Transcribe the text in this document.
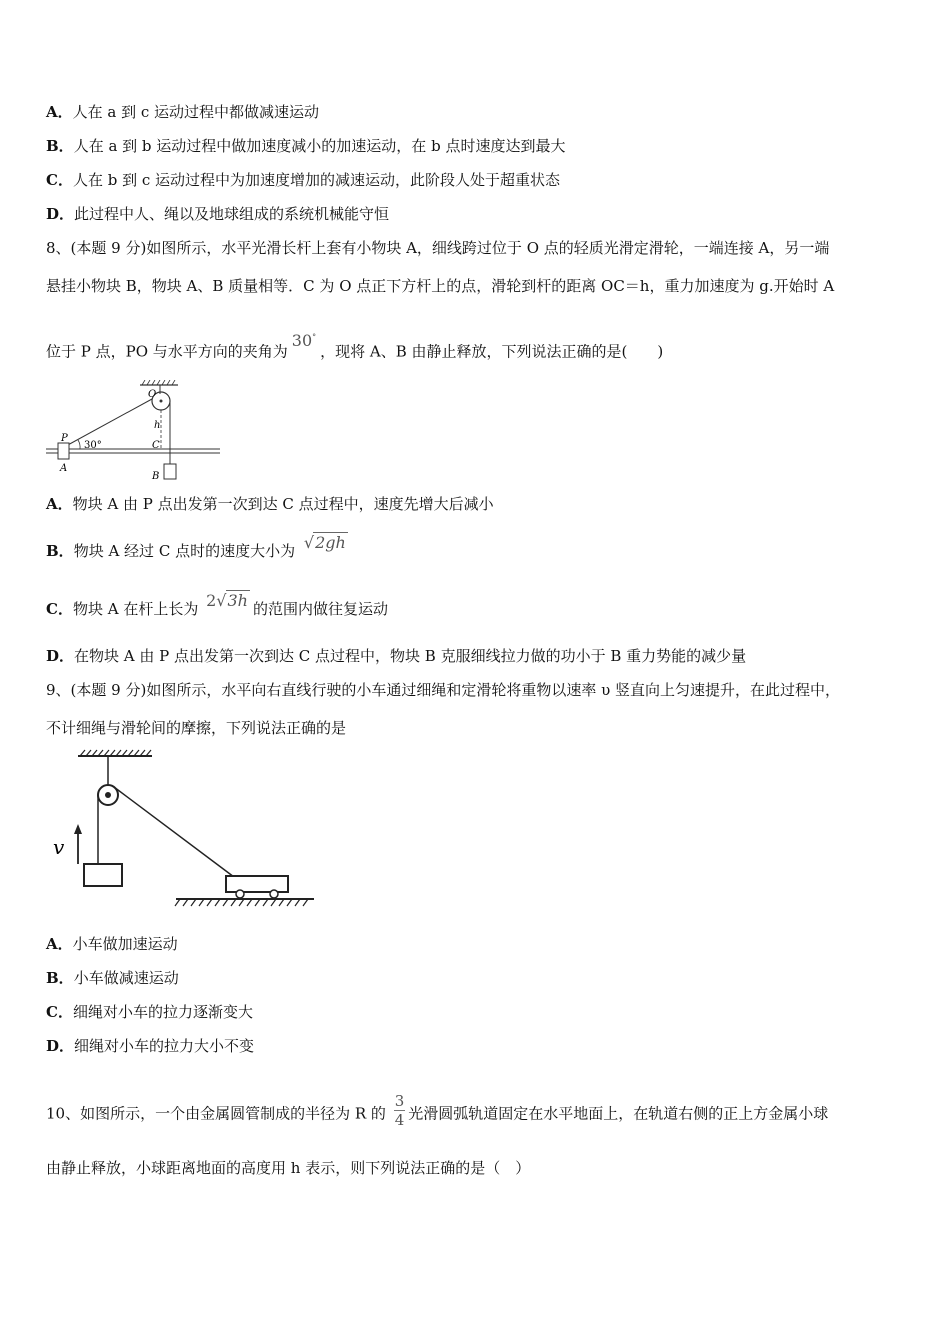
A．人在 a 到 c 运动过程中都做减速运动
B．人在 a 到 b 运动过程中做加速度减小的加速运动，在 b 点时速度达到最大
C．人在 b 到 c 运动过程中为加速度增加的减速运动，此阶段人处于超重状态
D．此过程中人、绳以及地球组成的系统机械能守恒
8、(本题 9 分)如图所示，水平光滑长杆上套有小物块 A，细线跨过位于 O 点的轻质光滑定滑轮，一端连接 A，另一端
悬挂小物块 B，物块 A、B 质量相等．C 为 O 点正下方杆上的点，滑轮到杆的距离 OC＝h，重力加速度为 g.开始时 A
位于 P 点，PO 与水平方向的夹角为30°，现将 A、B 由静止释放，下列说法正确的是(　　)
O
P
A
B
C
h
30°
A．物块 A 由 P 点出发第一次到达 C 点过程中，速度先增大后减小
B．物块 A 经过 C 点时的速度大小为 √2gh
C．物块 A 在杆上长为 2√3h 的范围内做往复运动
D．在物块 A 由 P 点出发第一次到达 C 点过程中，物块 B 克服细线拉力做的功小于 B 重力势能的减少量
9、(本题 9 分)如图所示，水平向右直线行驶的小车通过细绳和定滑轮将重物以速率 υ 竖直向上匀速提升，在此过程中，
不计细绳与滑轮间的摩擦，下列说法正确的是
v
A．小车做加速运动
B．小车做减速运动
C．细绳对小车的拉力逐渐变大
D．细绳对小车的拉力大小不变
10、如图所示，一个由金属圆管制成的半径为 R 的 $\frac{3}{4}$ 光滑圆弧轨道固定在水平地面上，在轨道右侧的正上方金属小球
由静止释放，小球距离地面的高度用 h 表示，则下列说法正确的是（　）
